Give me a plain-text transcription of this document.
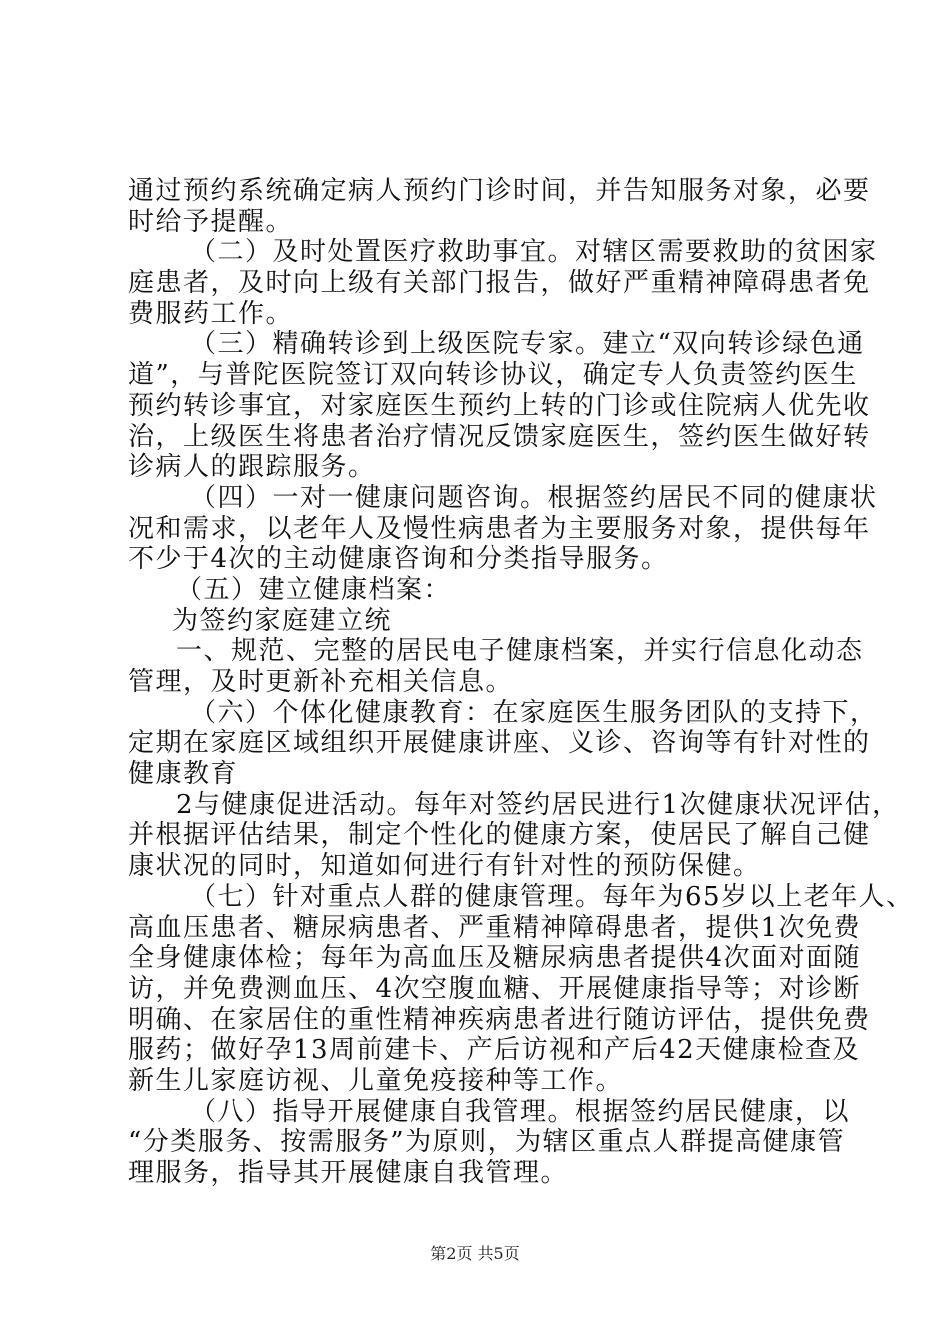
通过预约系统确定病人预约门诊时间，并告知服务对象，必要
时给予提醒。
（二）及时处置医疗救助事宜。对辖区需要救助的贫困家
庭患者，及时向上级有关部门报告，做好严重精神障碍患者免
费服药工作。
（三）精确转诊到上级医院专家。建立“双向转诊绿色通
道”，与普陀医院签订双向转诊协议，确定专人负责签约医生
预约转诊事宜，对家庭医生预约上转的门诊或住院病人优先收
治，上级医生将患者治疗情况反馈家庭医生，签约医生做好转
诊病人的跟踪服务。
（四）一对一健康问题咨询。根据签约居民不同的健康状
况和需求，以老年人及慢性病患者为主要服务对象，提供每年
不少于4次的主动健康咨询和分类指导服务。
（五）建立健康档案：
为签约家庭建立统
一、规范、完整的居民电子健康档案，并实行信息化动态
管理，及时更新补充相关信息。
（六）个体化健康教育：在家庭医生服务团队的支持下，
定期在家庭区域组织开展健康讲座、义诊、咨询等有针对性的
健康教育
2与健康促进活动。每年对签约居民进行1次健康状况评估，
并根据评估结果，制定个性化的健康方案，使居民了解自己健
康状况的同时，知道如何进行有针对性的预防保健。
（七）针对重点人群的健康管理。每年为65岁以上老年人、
高血压患者、糖尿病患者、严重精神障碍患者，提供1次免费
全身健康体检；每年为高血压及糖尿病患者提供4次面对面随
访，并免费测血压、4次空腹血糖、开展健康指导等；对诊断
明确、在家居住的重性精神疾病患者进行随访评估，提供免费
服药；做好孕13周前建卡、产后访视和产后42天健康检查及
新生儿家庭访视、儿童免疫接种等工作。
（八）指导开展健康自我管理。根据签约居民健康，以
“分类服务、按需服务”为原则，为辖区重点人群提高健康管
理服务，指导其开展健康自我管理。
第2页 共5页
